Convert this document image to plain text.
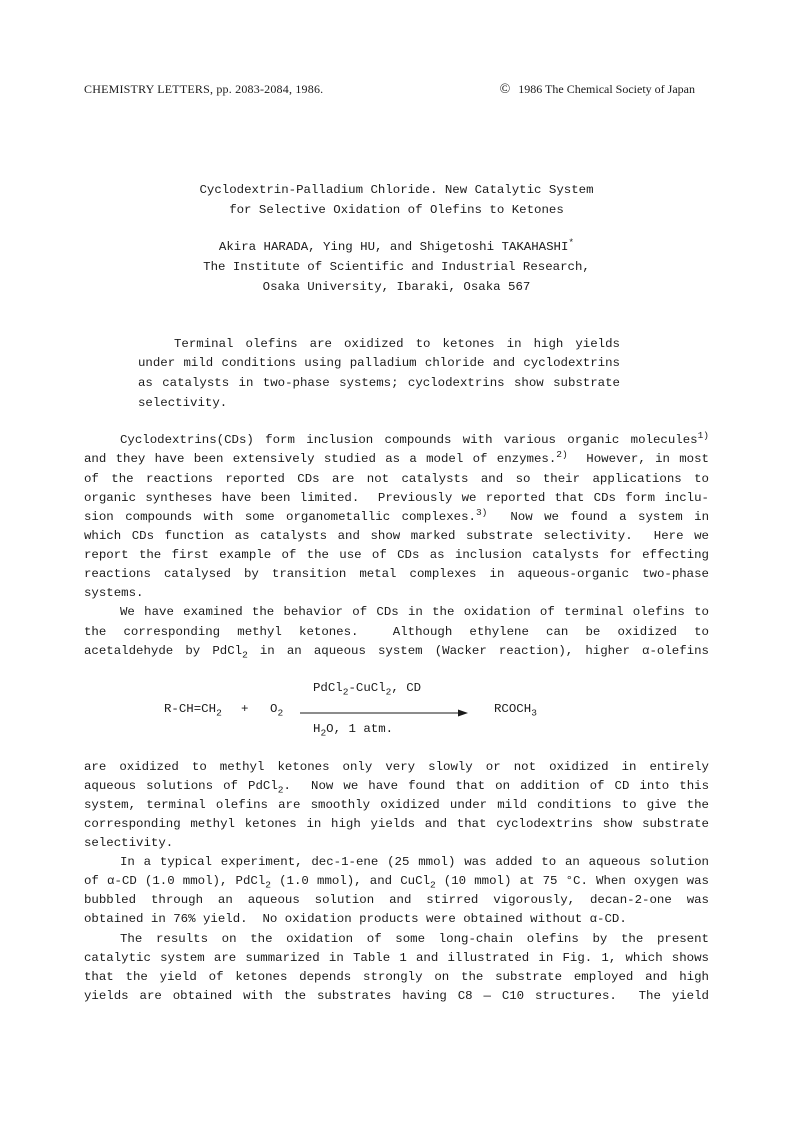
CHEMISTRY LETTERS, pp. 2083-2084, 1986.	© 1986 The Chemical Society of Japan
Cyclodextrin-Palladium Chloride. New Catalytic System
for Selective Oxidation of Olefins to Ketones
Akira HARADA, Ying HU, and Shigetoshi TAKAHASHI*
The Institute of Scientific and Industrial Research,
Osaka University, Ibaraki, Osaka 567
Terminal olefins are oxidized to ketones in high yields
under mild conditions using palladium chloride and cyclodextrins
as catalysts in two-phase systems; cyclodextrins show substrate
selectivity.
Cyclodextrins(CDs) form inclusion compounds with various organic molecules$^{1)}$
and they have been extensively studied as a model of enzymes.$^{2)}$  However, in most
of the reactions reported CDs are not catalysts and so their applications to
organic syntheses have been limited.  Previously we reported that CDs form inclu-
sion compounds with some organometallic complexes.$^{3)}$  Now we found a system in
which CDs function as catalysts and show marked substrate selectivity.  Here we
report the first example of the use of CDs as inclusion catalysts for effecting
reactions catalysed by transition metal complexes in aqueous-organic two-phase
systems.
We have examined the behavior of CDs in the oxidation of terminal olefins to
the corresponding methyl ketones.  Although ethylene can be oxidized to
acetaldehyde by PdCl$_2$ in an aqueous system (Wacker reaction), higher α-olefins
$R-CH=CH_2 + O_2$
PdCl$_2$-CuCl$_2$, CD
$H_2O$, 1 atm.
$RCOCH_3$
are oxidized to methyl ketones only very slowly or not oxidized in entirely
aqueous solutions of PdCl$_2$.  Now we have found that on addition of CD into this
system, terminal olefins are smoothly oxidized under mild conditions to give the
corresponding methyl ketones in high yields and that cyclodextrins show substrate
selectivity.
In a typical experiment, dec-1-ene (25 mmol) was added to an aqueous solution
of α-CD (1.0 mmol), PdCl$_2$ (1.0 mmol), and CuCl$_2$ (10 mmol) at 75 °C. When oxygen was
bubbled through an aqueous solution and stirred vigorously, decan-2-one was
obtained in 76% yield.  No oxidation products were obtained without α-CD.
The results on the oxidation of some long-chain olefins by the present
catalytic system are summarized in Table 1 and illustrated in Fig. 1, which shows
that the yield of ketones depends strongly on the substrate employed and high
yields are obtained with the substrates having C8 — C10 structures.  The yield
